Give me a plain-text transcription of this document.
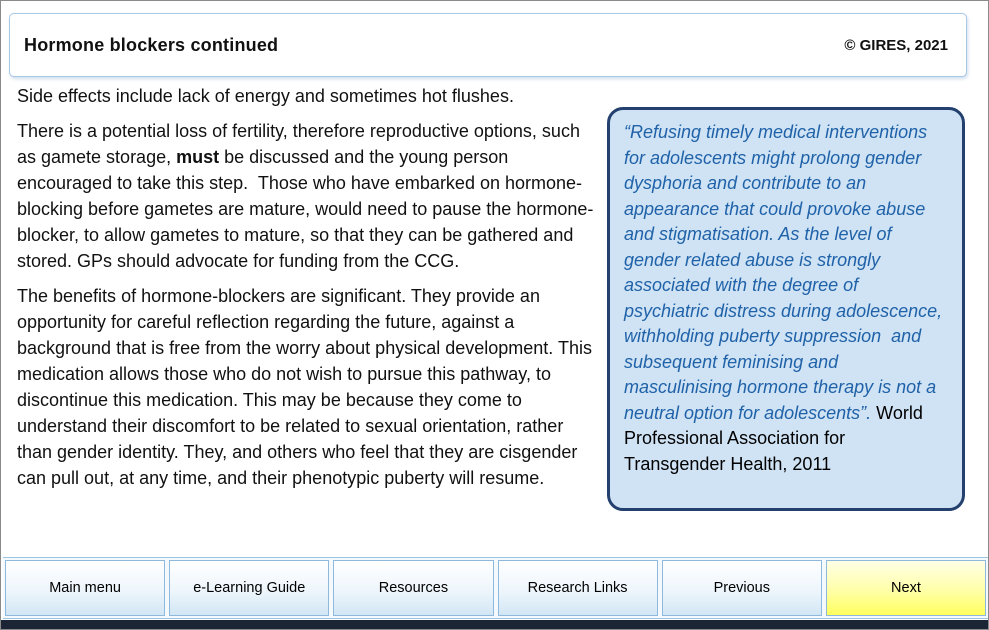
Hormone blockers continued	© GIRES, 2021

Side effects include lack of energy and sometimes hot flushes.

There is a potential loss of fertility, therefore reproductive options, such as gamete storage, must be discussed and the young person encouraged to take this step.  Those who have embarked on hormone-blocking before gametes are mature, would need to pause the hormone-blocker, to allow gametes to mature, so that they can be gathered and stored. GPs should advocate for funding from the CCG.

The benefits of hormone-blockers are significant. They provide an opportunity for careful reflection regarding the future, against a background that is free from the worry about physical development. This medication allows those who do not wish to pursue this pathway, to discontinue this medication. This may be because they come to understand their discomfort to be related to sexual orientation, rather than gender identity. They, and others who feel that they are cisgender can pull out, at any time, and their phenotypic puberty will resume.

“Refusing timely medical interventions for adolescents might prolong gender dysphoria and contribute to an appearance that could provoke abuse and stigmatisation. As the level of gender related abuse is strongly associated with the degree of psychiatric distress during adolescence, withholding puberty suppression  and subsequent feminising and masculinising hormone therapy is not a neutral option for adolescents”. World Professional Association for Transgender Health, 2011
Main menu	e-Learning Guide	Resources	Research Links	Previous	Next
